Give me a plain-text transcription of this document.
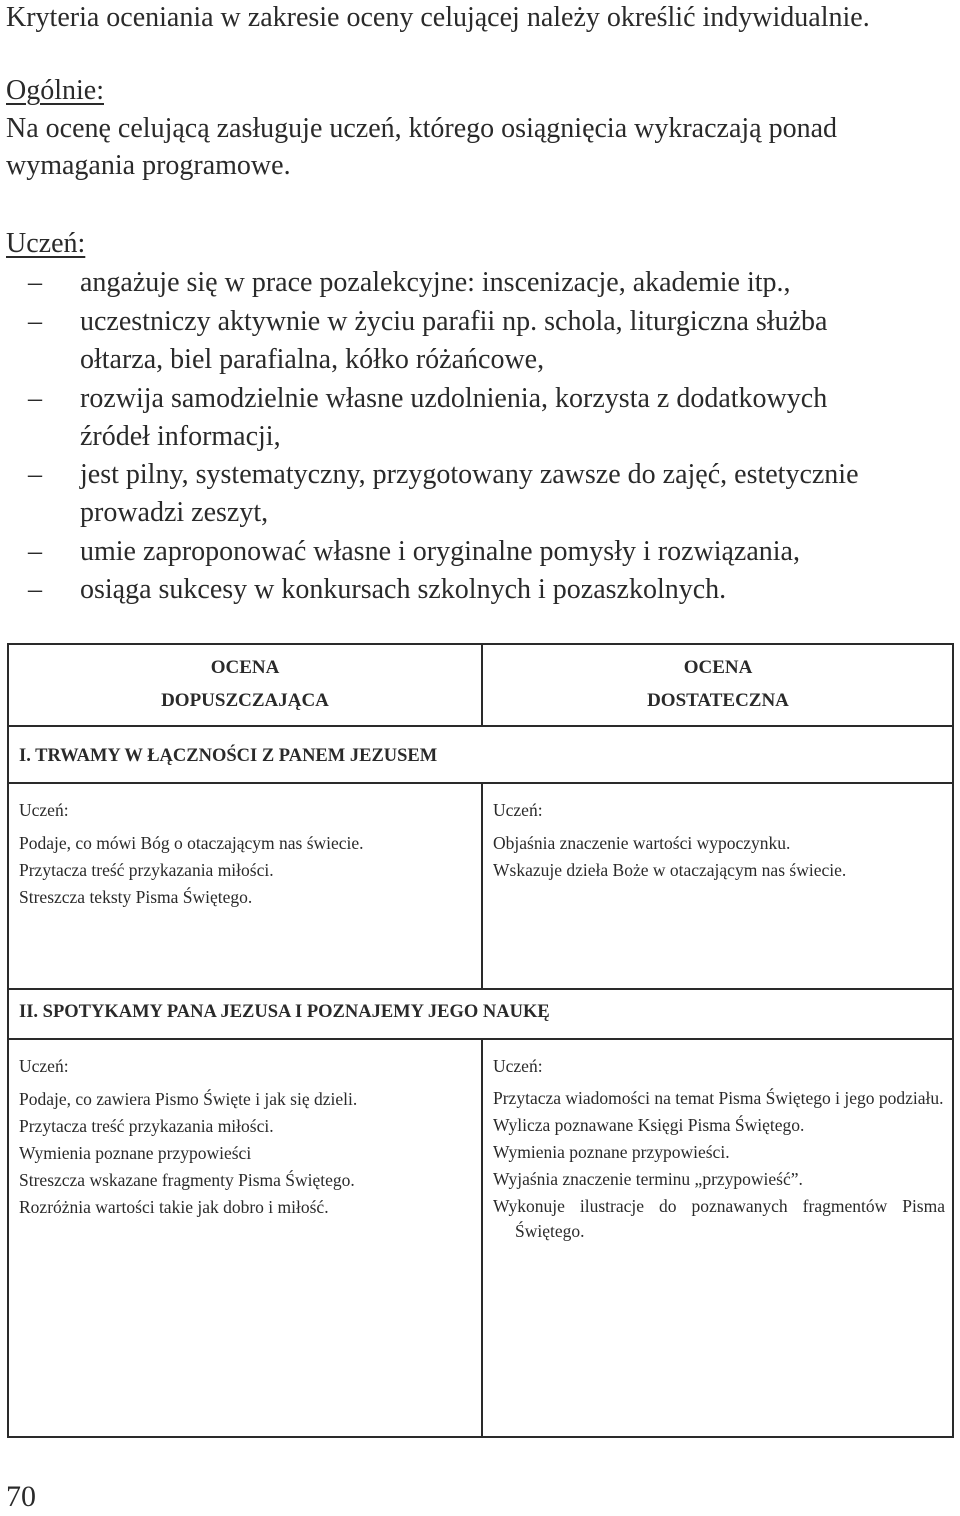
Kryteria oceniania w zakresie oceny celującej należy określić indywidualnie.
Ogólnie:
Na ocenę celującą zasługuje uczeń, którego osiągnięcia wykraczają ponad
wymagania programowe.
Uczeń:
– angażuje się w prace pozalekcyjne: inscenizacje, akademie itp.,
– uczestniczy aktywnie w życiu parafii np. schola, liturgiczna służba
ołtarza, biel parafialna, kółko różańcowe,
– rozwija samodzielnie własne uzdolnienia, korzysta z dodatkowych
źródeł informacji,
– jest pilny, systematyczny, przygotowany zawsze do zajęć, estetycznie
prowadzi zeszyt,
– umie zaproponować własne i oryginalne pomysły i rozwiązania,
– osiąga sukcesy w konkursach szkolnych i pozaszkolnych.
OCENA
DOPUSZCZAJĄCA
OCENA
DOSTATECZNA
I. TRWAMY W ŁĄCZNOŚCI Z PANEM JEZUSEM
Uczeń:
Podaje, co mówi Bóg o otaczającym nas świecie.
Przytacza treść przykazania miłości.
Streszcza teksty Pisma Świętego.
Uczeń:
Objaśnia znaczenie wartości wypoczynku.
Wskazuje dzieła Boże w otaczającym nas świecie.
II. SPOTYKAMY PANA JEZUSA I POZNAJEMY JEGO NAUKĘ
Uczeń:
Podaje, co zawiera Pismo Święte i jak się dzieli.
Przytacza treść przykazania miłości.
Wymienia poznane przypowieści
Streszcza wskazane fragmenty Pisma Świętego.
Rozróżnia wartości takie jak dobro i miłość.
Uczeń:
Przytacza wiadomości na temat Pisma Świętego i jego podziału.
Wylicza poznawane Księgi Pisma Świętego.
Wymienia poznane przypowieści.
Wyjaśnia znaczenie terminu „przypowieść”.
Wykonuje ilustracje do poznawanych fragmentów Pisma Świętego.
70
